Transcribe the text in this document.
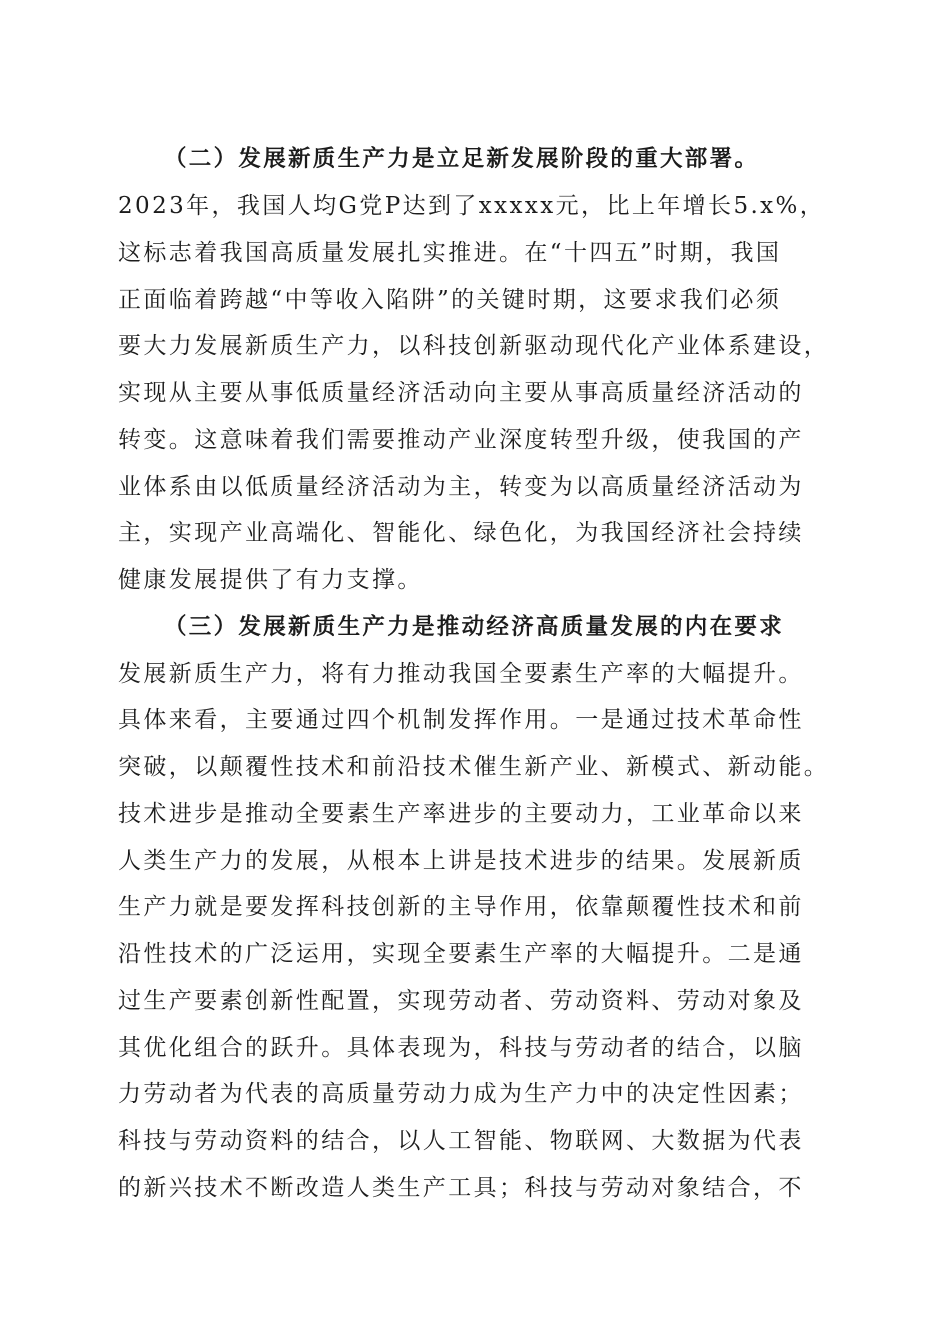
（二）发展新质生产力是立足新发展阶段的重大部署。
2023年，我国人均G党P达到了xxxxx元，比上年增长5.x%，
这标志着我国高质量发展扎实推进。在“十四五”时期，我国
正面临着跨越“中等收入陷阱”的关键时期，这要求我们必须
要大力发展新质生产力，以科技创新驱动现代化产业体系建设，
实现从主要从事低质量经济活动向主要从事高质量经济活动的
转变。这意味着我们需要推动产业深度转型升级，使我国的产
业体系由以低质量经济活动为主，转变为以高质量经济活动为
主，实现产业高端化、智能化、绿色化，为我国经济社会持续
健康发展提供了有力支撑。
（三）发展新质生产力是推动经济高质量发展的内在要求
发展新质生产力，将有力推动我国全要素生产率的大幅提升。
具体来看，主要通过四个机制发挥作用。一是通过技术革命性
突破，以颠覆性技术和前沿技术催生新产业、新模式、新动能。
技术进步是推动全要素生产率进步的主要动力，工业革命以来
人类生产力的发展，从根本上讲是技术进步的结果。发展新质
生产力就是要发挥科技创新的主导作用，依靠颠覆性技术和前
沿性技术的广泛运用，实现全要素生产率的大幅提升。二是通
过生产要素创新性配置，实现劳动者、劳动资料、劳动对象及
其优化组合的跃升。具体表现为，科技与劳动者的结合，以脑
力劳动者为代表的高质量劳动力成为生产力中的决定性因素；
科技与劳动资料的结合，以人工智能、物联网、大数据为代表
的新兴技术不断改造人类生产工具；科技与劳动对象结合，不
